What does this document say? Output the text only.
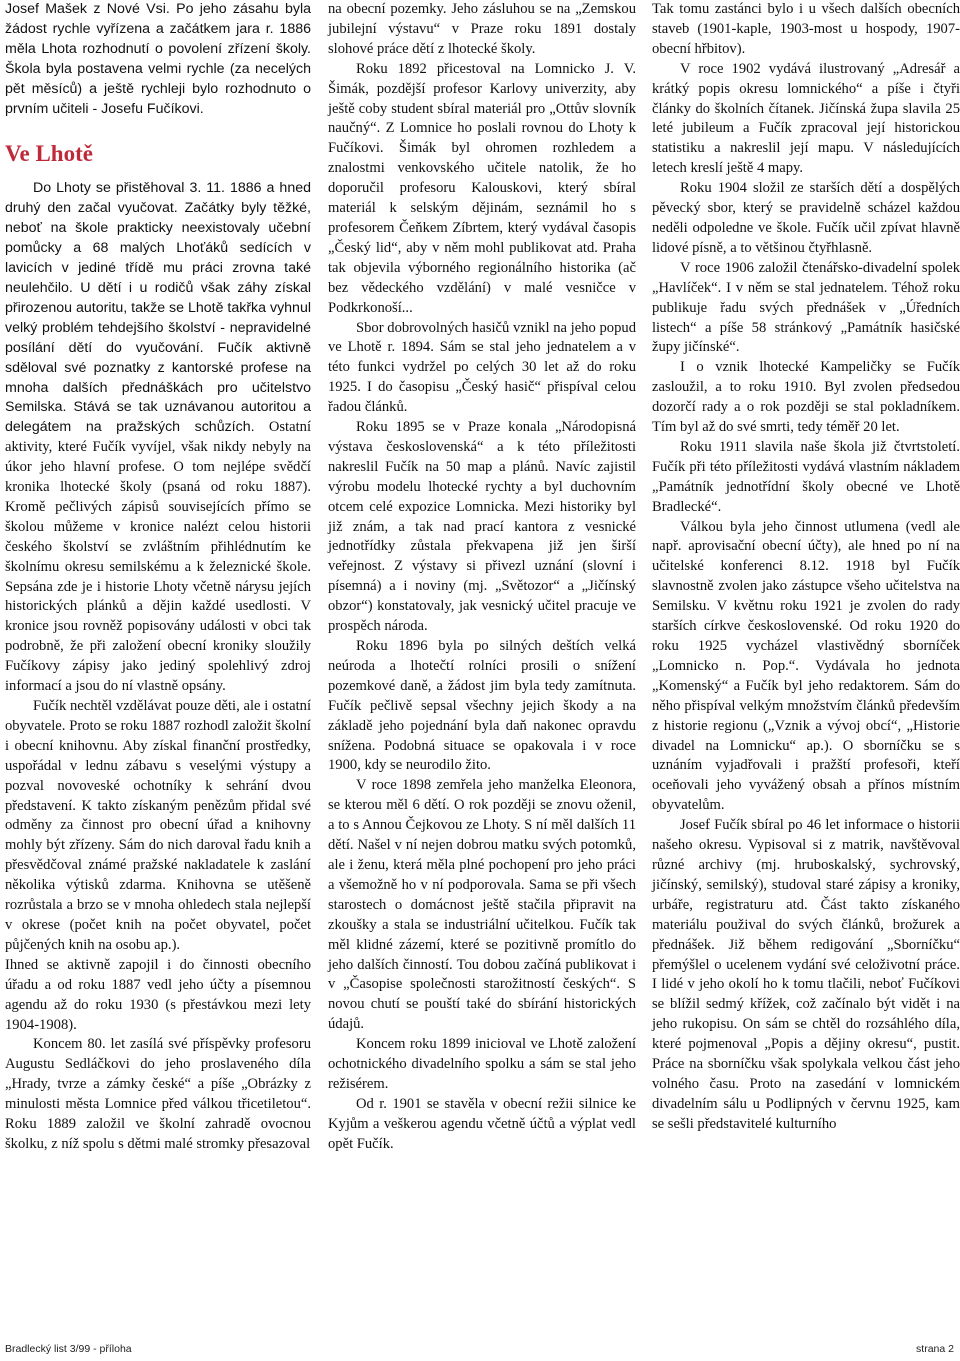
Josef Mašek z Nové Vsi. Po jeho zásahu byla žádost rychle vyřízena a začátkem jara r. 1886 měla Lhota rozhodnutí o povolení zřízení školy. Škola byla postavena velmi rychle (za necelých pět měsíců) a ještě rychleji bylo rozhodnuto o prvním učiteli - Josefu Fučíkovi.

Ve Lhotě

Do Lhoty se přistěhoval 3. 11. 1886 a hned druhý den začal vyučovat. Začátky byly těžké, neboť na škole prakticky neexistovaly učební pomůcky a 68 malých Lhoťáků sedících v lavicích v jediné třídě mu práci zrovna také neulehčilo. U dětí i u rodičů však záhy získal přirozenou autoritu, takže se Lhotě takřka vyhnul velký problém tehdejšího školství - nepravidelné posílání dětí do vyučování. Fučík aktivně sděloval své poznatky z kantorské profese na mnoha dalších přednáškách pro učitelstvo Semilska. Stává se tak uznávanou autoritou a delegátem na pražských schůzích. Ostatní aktivity, které Fučík vyvíjel, však nikdy nebyly na úkor jeho hlavní profese. O tom nejlépe svědčí kronika lhotecké školy (psaná od roku 1887). Kromě pečlivých zápisů souvisejících přímo se školou můžeme v kronice nalézt celou historii českého školství se zvláštním přihlédnutím ke školnímu okresu semilskému a k železnické škole. Sepsána zde je i historie Lhoty včetně nárysu jejích historických plánků a dějin každé usedlosti. V kronice jsou rovněž popisovány události v obci tak podrobně, že při založení obecní kroniky sloužily Fučíkovy zápisy jako jediný spolehlivý zdroj informací a jsou do ní vlastně opsány.

Fučík nechtěl vzdělávat pouze děti, ale i ostatní obyvatele. Proto se roku 1887 rozhodl založit školní i obecní knihovnu. Aby získal finanční prostředky, uspořádal v lednu zábavu s veselými výstupy a pozval novoveské ochotníky k sehrání dvou představení. K takto získaným penězům přidal své odměny za činnost pro obecní úřad a knihovny mohly být zřízeny. Sám do nich daroval řadu knih a přesvědčoval známé pražské nakladatele k zaslání několika výtisků zdarma. Knihovna se utěšeně rozrůstala a brzo se v mnoha ohledech stala nejlepší v okrese (počet knih na počet obyvatel, počet půjčených knih na osobu ap.).

Ihned se aktivně zapojil i do činnosti obecního úřadu a od roku 1887 vedl jeho účty a písemnou agendu až do roku 1930 (s přestávkou mezi lety 1904-1908).

Koncem 80. let zasílá své příspěvky profesoru Augustu Sedláčkovi do jeho proslaveného díla „Hrady, tvrze a zámky české“ a píše „Obrázky z minulosti města Lomnice před válkou třicetiletou“. Roku 1889 založil ve školní zahradě ovocnou školku, z níž spolu s dětmi malé stromky přesazoval

na obecní pozemky. Jeho zásluhou se na „Zemskou jubilejní výstavu“ v Praze roku 1891 dostaly slohové práce dětí z lhotecké školy.

Roku 1892 přicestoval na Lomnicko J. V. Šimák, pozdější profesor Karlovy univerzity, aby ještě coby student sbíral materiál pro „Ottův slovník naučný“. Z Lomnice ho poslali rovnou do Lhoty k Fučíkovi. Šimák byl ohromen rozhledem a znalostmi venkovského učitele natolik, že ho doporučil profesoru Kalouskovi, který sbíral materiál k selským dějinám, seznámil ho s profesorem Čeňkem Zíbrtem, který vydával časopis „Český lid“, aby v něm mohl publikovat atd. Praha tak objevila výborného regionálního historika (ač bez vědeckého vzdělání) v malé vesničce v Podkrkonoší...

Sbor dobrovolných hasičů vznikl na jeho popud ve Lhotě r. 1894. Sám se stal jeho jednatelem a v této funkci vydržel po celých 30 let až do roku 1925. I do časopisu „Český hasič“ přispíval celou řadou článků.

Roku 1895 se v Praze konala „Národopisná výstava československá“ a k této příležitosti nakreslil Fučík na 50 map a plánů. Navíc zajistil výrobu modelu lhotecké rychty a byl duchovním otcem celé expozice Lomnicka. Mezi historiky byl již znám, a tak nad prací kantora z vesnické jednotřídky zůstala překvapena již jen širší veřejnost. Z výstavy si přivezl uznání (slovní i písemná) a i noviny (mj. „Světozor“ a „Jičínský obzor“) konstatovaly, jak vesnický učitel pracuje ve prospěch národa.

Roku 1896 byla po silných deštích velká neúroda a lhotečtí rolníci prosili o snížení pozemkové daně, a žádost jim byla tedy zamítnuta. Fučík pečlivě sepsal všechny jejich škody a na základě jeho pojednání byla daň nakonec opravdu snížena. Podobná situace se opakovala i v roce 1900, kdy se neurodilo žito.

V roce 1898 zemřela jeho manželka Eleonora, se kterou měl 6 dětí. O rok později se znovu oženil, a to s Annou Čejkovou ze Lhoty. S ní měl dalších 11 dětí. Našel v ní nejen dobrou matku svých potomků, ale i ženu, která měla plné pochopení pro jeho práci a všemožně ho v ní podporovala. Sama se při všech starostech o domácnost ještě stačila připravit na zkoušky a stala se industriální učitelkou. Fučík tak měl klidné zázemí, které se pozitivně promítlo do jeho dalších činností. Tou dobou začíná publikovat i v „Časopise společnosti starožitností českých“. S novou chutí se pouští také do sbírání historických údajů.

Koncem roku 1899 inicioval ve Lhotě založení ochotnického divadelního spolku a sám se stal jeho režisérem.

Od r. 1901 se stavěla v obecní režii silnice ke Kyjům a veškerou agendu včetně účtů a výplat vedl opět Fučík.

Tak tomu zastánci bylo i u všech dalších obecních staveb (1901-kaple, 1903-most u hospody, 1907-obecní hřbitov).

V roce 1902 vydává ilustrovaný „Adresář a krátký popis okresu lomnického“ a píše i čtyři články do školních čítanek. Jičínská župa slavila 25 leté jubileum a Fučík zpracoval její historickou statistiku a nakreslil její mapu. V následujících letech kreslí ještě 4 mapy.

Roku 1904 složil ze starších dětí a dospělých pěvecký sbor, který se pravidelně scházel každou neděli odpoledne ve škole. Fučík učil zpívat hlavně lidové písně, a to většinou čtyřhlasně.

V roce 1906 založil čtenářsko-divadelní spolek „Havlíček“. I v něm se stal jednatelem. Téhož roku publikuje řadu svých přednášek v „Úředních listech“ a píše 58 stránkový „Památník hasičské župy jičínské“.

I o vznik lhotecké Kampeličky se Fučík zasloužil, a to roku 1910. Byl zvolen předsedou dozorčí rady a o rok později se stal pokladníkem. Tím byl až do své smrti, tedy téměř 20 let.

Roku 1911 slavila naše škola již čtvrtstoletí. Fučík při této příležitosti vydává vlastním nákladem „Památník jednotřídní školy obecné ve Lhotě Bradlecké“.

Válkou byla jeho činnost utlumena (vedl ale např. aprovisační obecní účty), ale hned po ní na učitelské konferenci 8.12. 1918 byl Fučík slavnostně zvolen jako zástupce všeho učitelstva na Semilsku. V květnu roku 1921 je zvolen do rady starších církve československé. Od roku 1920 do roku 1925 vycházel vlastivědný sborníček „Lomnicko n. Pop.“. Vydávala ho jednota „Komenský“ a Fučík byl jeho redaktorem. Sám do něho přispíval velkým množstvím článků především z historie regionu („Vznik a vývoj obcí“, „Historie divadel na Lomnicku“ ap.). O sborníčku se s uznáním vyjadřovali i pražští profesoři, kteří oceňovali jeho vyvážený obsah a přínos místním obyvatelům.

Josef Fučík sbíral po 46 let informace o historii našeho okresu. Vypisoval si z matrik, navštěvoval různé archivy (mj. hruboskalský, sychrovský, jičínský, semilský), studoval staré zápisy a kroniky, urbáře, registraturu atd. Část takto získaného materiálu použival do svých článků, brožurek a přednášek. Již během redigování „Sborníčku“ přemýšlel o ucelenem vydání své celoživotní práce. I lidé v jeho okolí ho k tomu tlačili, neboť Fučíkovi se blížil sedmý křížek, což začínalo být vidět i na jeho rukopisu. On sám se chtěl do rozsáhlého díla, které pojmenoval „Popis a dějiny okresu“, pustit. Práce na sborníčku však spolykala velkou část jeho volného času. Proto na zasedání v lomnickém divadelním sálu u Podlipných v červnu 1925, kam se sešli představitelé kulturního

Bradlecký list 3/99 - příloha	strana 2
